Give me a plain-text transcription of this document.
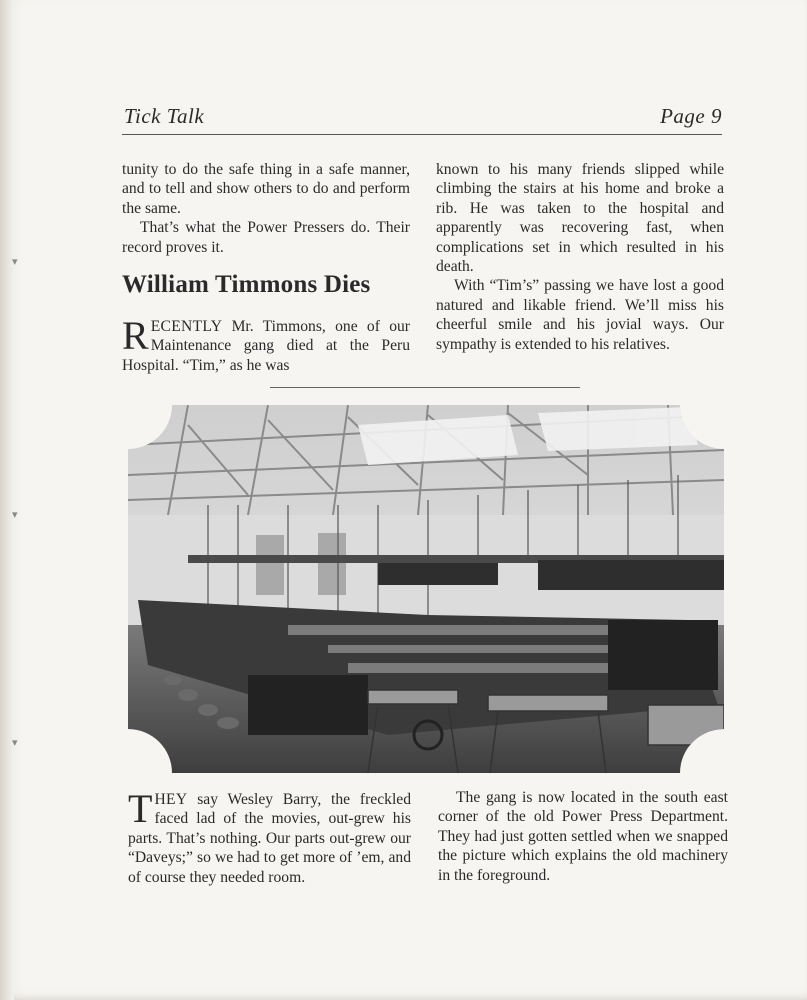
▾
▾
▾
Tick Talk	Page 9

tunity to do the safe thing in a safe manner, and to tell and show others to do and perform the same.

That’s what the Power Pressers do. Their record proves it.

William Timmons Dies
RECENTLY Mr. Timmons, one of our Maintenance gang died at the Peru Hospital. “Tim,” as he was

known to his many friends slipped while climbing the stairs at his home and broke a rib. He was taken to the hospital and apparently was recovering fast, when complications set in which resulted in his death.

With “Tim’s” passing we have lost a good natured and likable friend. We’ll miss his cheerful smile and his jovial ways. Our sympathy is extended to his relatives.

THEY say Wesley Barry, the freckled faced lad of the movies, out-grew his parts. That’s nothing. Our parts out-grew our “Daveys;” so we had to get more of ’em, and of course they needed room.

The gang is now located in the south east corner of the old Power Press Department. They had just gotten settled when we snapped the picture which explains the old machinery in the foreground.
